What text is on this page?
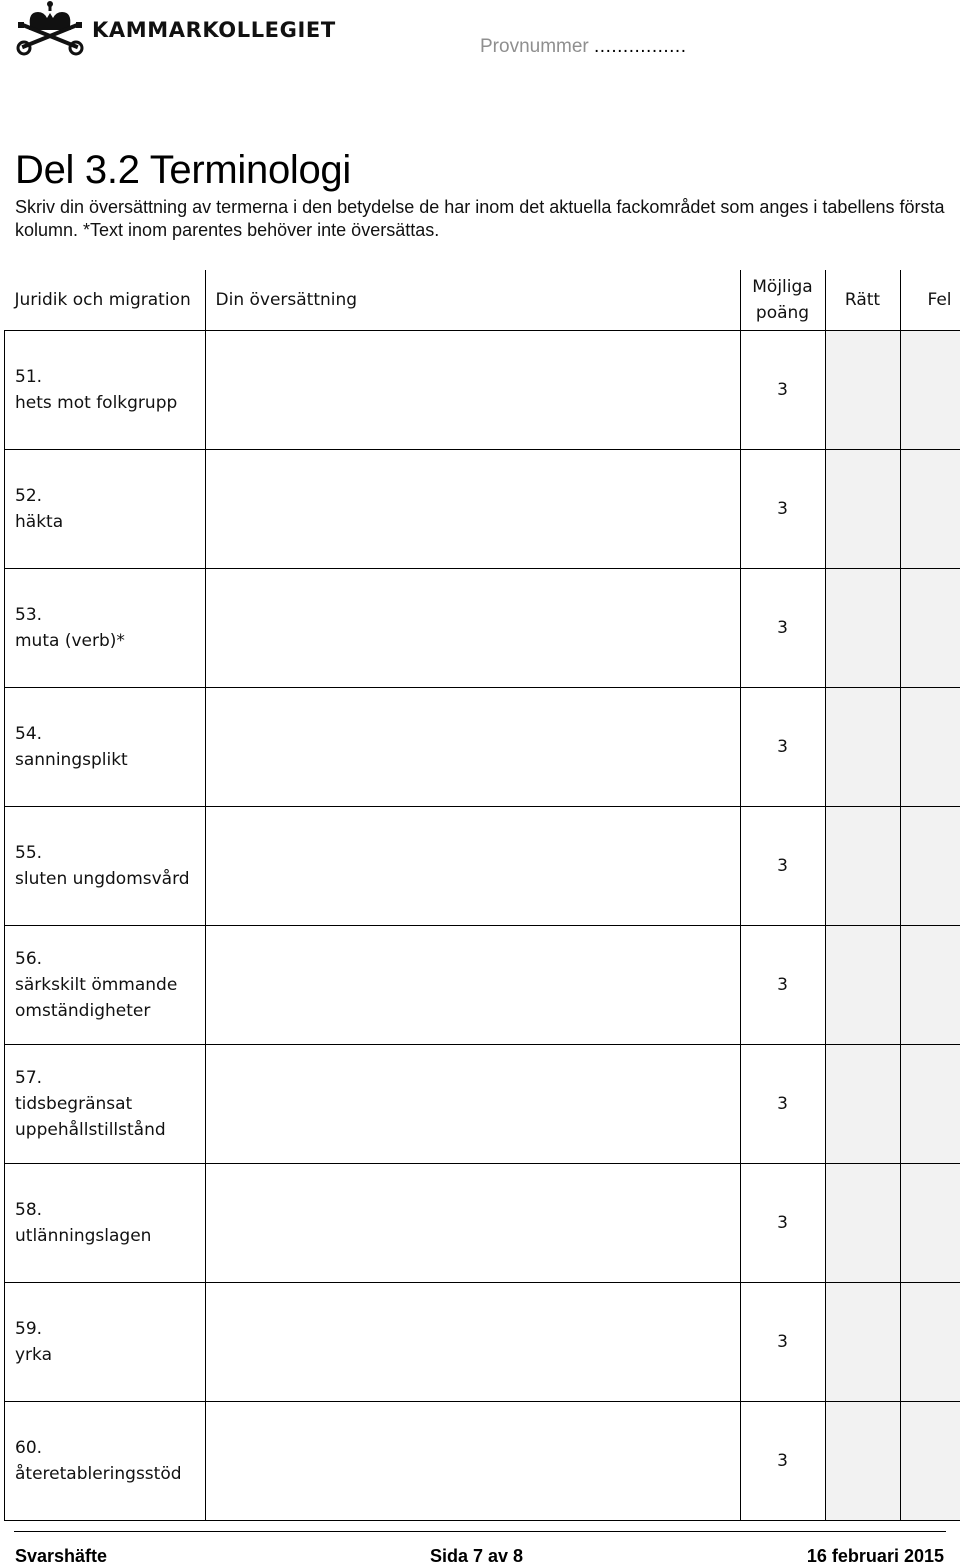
KAMMARKOLLEGIET
Provnummer ................
Del 3.2 Terminologi

Skriv din översättning av termerna i den betydelse de har inom det aktuella fackområdet som anges i tabellens första kolumn. *Text inom parentes behöver inte översättas.

Juridik och migration	Din översättning	Möjliga poäng	Rätt	Fel

51.
hets mot folkgrupp		3		

52.
häkta		3		

53.
muta (verb)*		3		

54.
sanningsplikt		3		

55.
sluten ungdomsvård		3		

56.
särkskilt ömmande omständigheter		3		

57.
tidsbegränsat uppehållstillstånd		3		

58.
utlänningslagen		3		

59.
yrka		3		

60.
återetableringsstöd		3		
Svarshäfte	Sida 7 av 8	16 februari 2015
